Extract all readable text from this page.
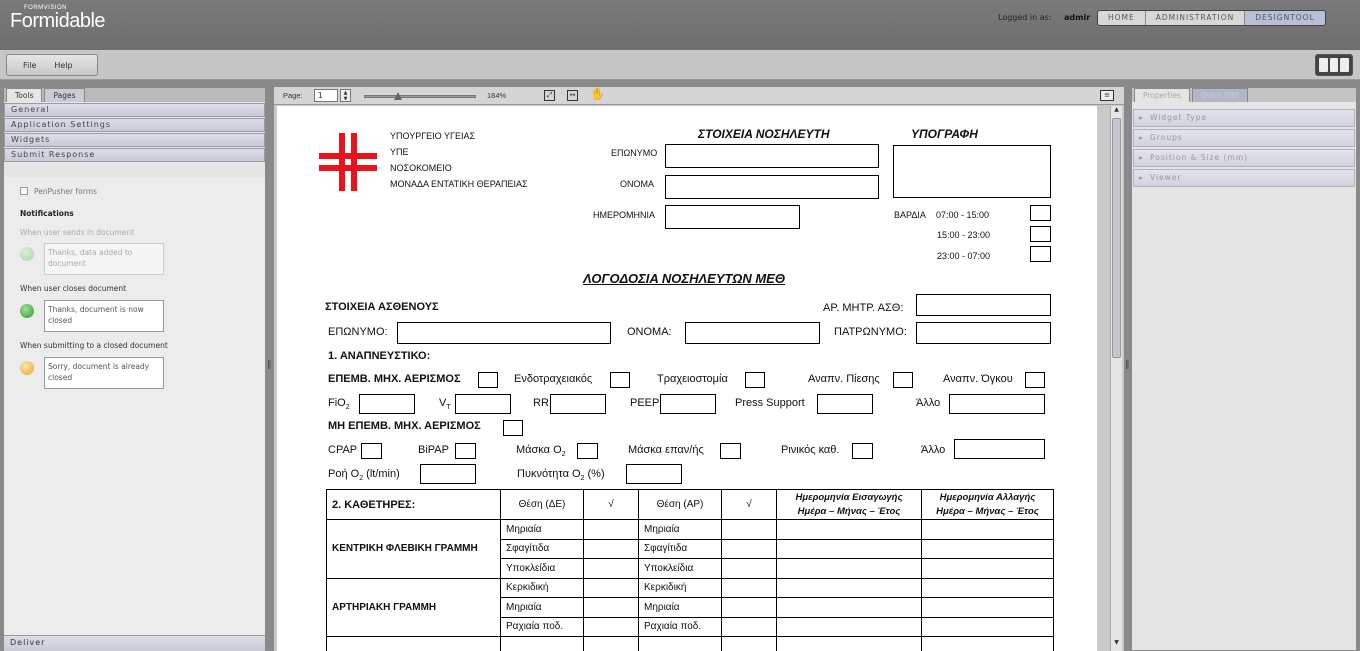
FORMVISION
Formidable	Logged in as: admir	HOME	ADMINISTRATION	DESIGNTOOL
File Help
Tools	Pages
General
Application Settings
Widgets
Submit Response
PenPusher forms
Notifications
When user sends in document
Thanks, data added to document
When user closes document
Thanks, document is now closed
When submitting to a closed document
Sorry, document is already closed
Deliver
‖	‖
Page:	1	▲
▼	184%	⤢	↔ ✋	≡
ΥΠΟΥΡΓΕΙΟ ΥΓΕΙΑΣ
ΥΠΕ
ΝΟΣΟΚΟΜΕΙΟ
ΜΟΝΑΔΑ ΕΝΤΑΤΙΚΗ ΘΕΡΑΠΕΙΑΣ
ΣΤΟΙΧΕΙΑ ΝΟΣΗΛΕΥΤΗ	ΥΠΟΓΡΑΦΗ
ΕΠΩΝΥΜΟ
ΟΝΟΜΑ
ΗΜΕΡΟΜΗΝΙΑ	ΒΑΡΔΙΑ 07:00 - 15:00
15:00 - 23:00
23:00 - 07:00
ΛΟΓΟΔΟΣΙΑ ΝΟΣΗΛΕΥΤΩΝ ΜΕΘ
ΣΤΟΙΧΕΙΑ ΑΣΘΕΝΟΥΣ	ΑΡ. ΜΗΤΡ. ΑΣΘ:
ΕΠΩΝΥΜΟ:	ΟΝΟΜΑ:	ΠΑΤΡΩΝΥΜΟ:
1. ΑΝΑΠΝΕΥΣΤΙΚΟ:
ΕΠΕΜΒ. ΜΗΧ. ΑΕΡΙΣΜΟΣ	Ενδοτραχειακός	Τραχειοστομία	Αναπν. Πίεσης	Αναπν. Όγκου
FiO$_2$	$V_T$	RR	PEEP	Press Support	Άλλο
ΜΗ ΕΠΕΜΒ. ΜΗΧ. ΑΕΡΙΣΜΟΣ
CPAP	BiPAP	Μάσκα $O_2$	Μάσκα επαν/ής	Ρινικός καθ.	Άλλο
Ροή $O_2$ (lt/min)	Πυκνότητα $O_2$ (%)
2. ΚΑΘΕΤΗΡΕΣ:	Θέση (ΔΕ)	√	Θέση (ΑΡ)	√	Ημερομηνία Εισαγωγής Ημέρα – Μήνας – Έτος	Ημερομηνία Αλλαγής Ημέρα – Μήνας – Έτος
ΚΕΝΤΡΙΚΗ ΦΛΕΒΙΚΗ ΓΡΑΜΜΗ	Μηριαία		Μηριαία			
	Σφαγίτιδα		Σφαγίτιδα			
	Υποκλείδια		Υποκλείδια			
ΑΡΤΗΡΙΑΚΗ ΓΡΑΜΜΗ	Κερκιδική		Κερκιδική			
	Μηριαία		Μηριαία			
	Ραχιαία ποδ.		Ραχιαία ποδ.			

▲
▼
Properties	Quick Edit
▸ Widget Type
▸ Groups
▸ Position & Size (mm)
▸ Viewer
